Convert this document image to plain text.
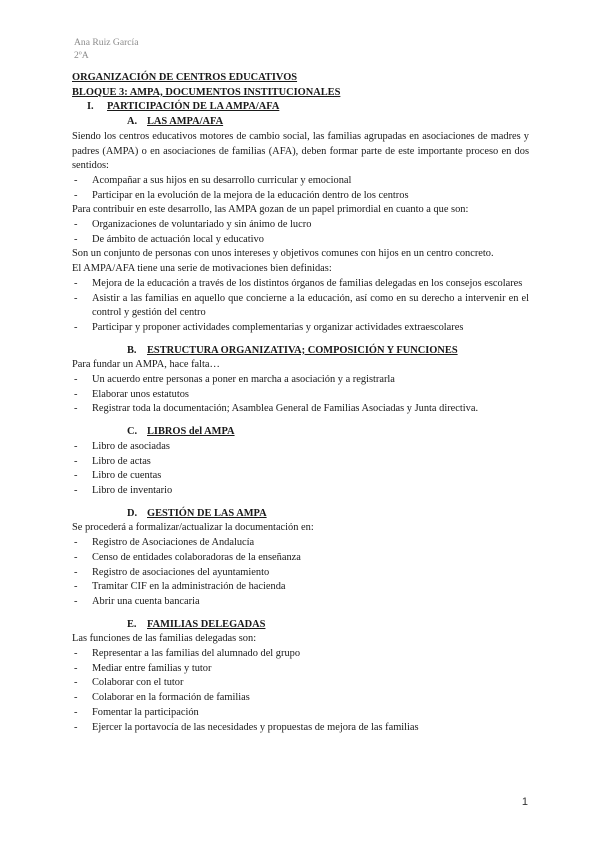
Ana Ruiz García
2ºA

ORGANIZACIÓN DE CENTROS EDUCATIVOS

BLOQUE 3: AMPA, DOCUMENTOS INSTITUCIONALES

I. PARTICIPACIÓN DE LA AMPA/AFA

A. LAS AMPA/AFA

Siendo los centros educativos motores de cambio social, las familias agrupadas en asociaciones de madres y padres (AMPA) o en asociaciones de familias (AFA), deben formar parte de este importante proceso en dos sentidos:

- Acompañar a sus hijos en su desarrollo curricular y emocional
- Participar en la evolución de la mejora de la educación dentro de los centros

Para contribuir en este desarrollo, las AMPA gozan de un papel primordial en cuanto a que son:

- Organizaciones de voluntariado y sin ánimo de lucro
- De ámbito de actuación local y educativo

Son un conjunto de personas con unos intereses y objetivos comunes con hijos en un centro concreto.

El AMPA/AFA tiene una serie de motivaciones bien definidas:

- Mejora de la educación a través de los distintos órganos de familias delegadas en los consejos escolares
- Asistir a las familias en aquello que concierne a la educación, así como en su derecho a intervenir en el control y gestión del centro
- Participar y proponer actividades complementarias y organizar actividades extraescolares

B. ESTRUCTURA ORGANIZATIVA; COMPOSICIÓN Y FUNCIONES

Para fundar un AMPA, hace falta…

- Un acuerdo entre personas a poner en marcha a asociación y a registrarla
- Elaborar unos estatutos
- Registrar toda la documentación; Asamblea General de Familias Asociadas y Junta directiva.

C. LIBROS del AMPA

- Libro de asociadas
- Libro de actas
- Libro de cuentas
- Libro de inventario

D. GESTIÓN DE LAS AMPA

Se procederá a formalizar/actualizar la documentación en:

- Registro de Asociaciones de Andalucía
- Censo de entidades colaboradoras de la enseñanza
- Registro de asociaciones del ayuntamiento
- Tramitar CIF en la administración de hacienda
- Abrir una cuenta bancaria

E. FAMILIAS DELEGADAS

Las funciones de las familias delegadas son:

- Representar a las familias del alumnado del grupo
- Mediar entre familias y tutor
- Colaborar con el tutor
- Colaborar en la formación de familias
- Fomentar la participación
- Ejercer la portavocía de las necesidades y propuestas de mejora de las familias
1
